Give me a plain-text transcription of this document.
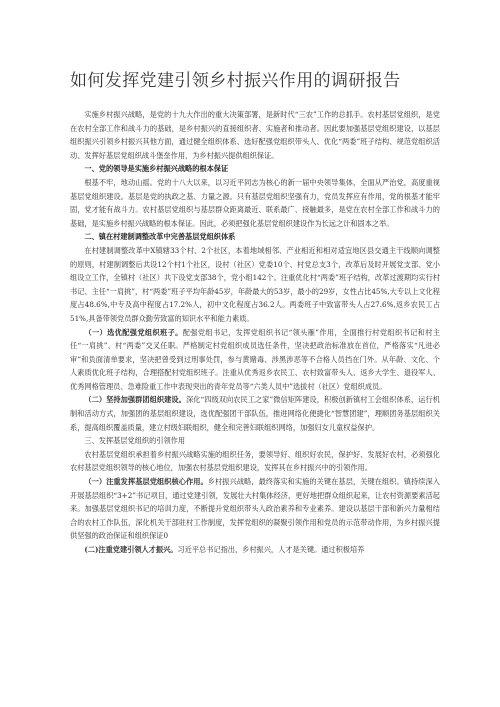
如何发挥党建引领乡村振兴作用的调研报告

实施乡村振兴战略，是党的十九大作出的重大决策部署，是新时代“三农”工作的总抓手。农村基层党组织，是党在农村全部工作和战斗力的基础，是乡村振兴的直接组织者、实施者和推动者。因此要加强基层党组织建设，以基层组织振兴引领乡村振兴其他方面，通过健全组织体系、选好配强党组织带头人、优化“两委”班子结构、规范党组织活动、发挥好基层党组织战斗堡垒作用，为乡村振兴提供组织保证。

一、党的领导是实施乡村振兴战略的根本保证

根基不牢，地动山摇。党的十八大以来，以习近平同志为核心的新一届中央领导集体，全面从严治党，高度重视基层党组织建设。基层是党的执政之基、力量之源。只有基层党组织坚强有力，党员发挥应有作用，党的根基才能牢固，党才能有战斗力。农村基层党组织与基层群众距离最近、联系最广、接触最多，是党在农村全部工作和战斗力的基础，是实施乡村振兴战略的根本保证。因此，必须把强化基层党组织建设作为长远之计和固本之举。

二、镇在村建制调整改革中完善基层党组织体系

在村建制调整改革中X镇辖33个村、2个社区，本着地域相邻、产业相近和相对适宜地区县交通主干线顺向调整的原则，村建制调整后共设12个村1个社区，设村（社区）党委10个、村党总支3个，改革后及时开展党支部、党小组设立工作，全镇村（社区）共下设党支部38个，党小组142个。注重优化村“两委”班子结构，改革过渡期均实行村书记、主任“一肩挑”，村“两委”班子平均年龄45岁，年龄最大的53岁，最小的29岁，女性占比45%,大专以上文化程度占48.6%,中专及高中程度占17.2%人，初中文化程度占36.2人。两委班子中致富带头人占27.6%,返乡农民工占51%,具备带领党员群众勤劳致富的知识水平和能力素质。

（一）选优配强党组织班子。配强党组书记，发挥党组织书记“领头雁”作用，全面推行村党组织书记和村主任“一肩挑”、村“两委”交叉任职。严格制定村党组织成员选任条件，坚决把政治标准放在首位，严格落实“凡进必审”和负面清单要求，坚决把曾受到过刑事处罚，参与黄赌毒、涉黑涉恶等不合格人员挡在门外。从年龄、文化、个人素质优化班子结构，合理搭配村党组织班子。注重从优秀返乡农民工、农村致富带头人、返乡大学生、退役军人、优秀网格管理员、急难险重工作中表现突出的青年党员等“六类人员中”选拔村（社区）党组织成员。

（二）坚持加强群团组织建设。深化“四级双向农民工之家”微信矩阵建设，积极创新镇村工会组织体系，运行机制和活动方式，加强团的基层组织建设，选优配强团干部队伍，推进网络化便捷化“智慧团建”，理顺团务基层组织关系，提高组织覆盖质量，建立村级妇联组织，健全和完善妇联组织网络，加强妇女儿童权益保护。

三、发挥基层党组织的引领作用

农村基层党组织承担着乡村振兴战略实施的组织任务，要领导好、组织好农民，保护好、发展好农村，必须强化农村基层党组织领导的核心地位，加强农村基层党组织建设，发挥其在乡村振兴中的引领作用。

（一）注重发挥基层党组织核心作用。乡村振兴战略，最终落实和实施的关键在基层，关键在组织。镇持续深入开展基层组织“3+2”书记项目，通过党建引领，发展壮大村集体经济，更好地把群众组织起来，让农村资源要素活起来。加强基层党组织书记的培训力度，不断提升党组织带头人政治素养和专业素养。建设以基层干部和新兴力量相结合的农村工作队伍，深化机关干部驻村工作制度，发挥党组织的凝聚引领作用和党员的示范带动作用，为乡村振兴提供坚强的政治保证和组织保证0

(二)注重党建引领人才振兴。习近平总书记指出，乡村振兴，人才是关键。通过积极培养
